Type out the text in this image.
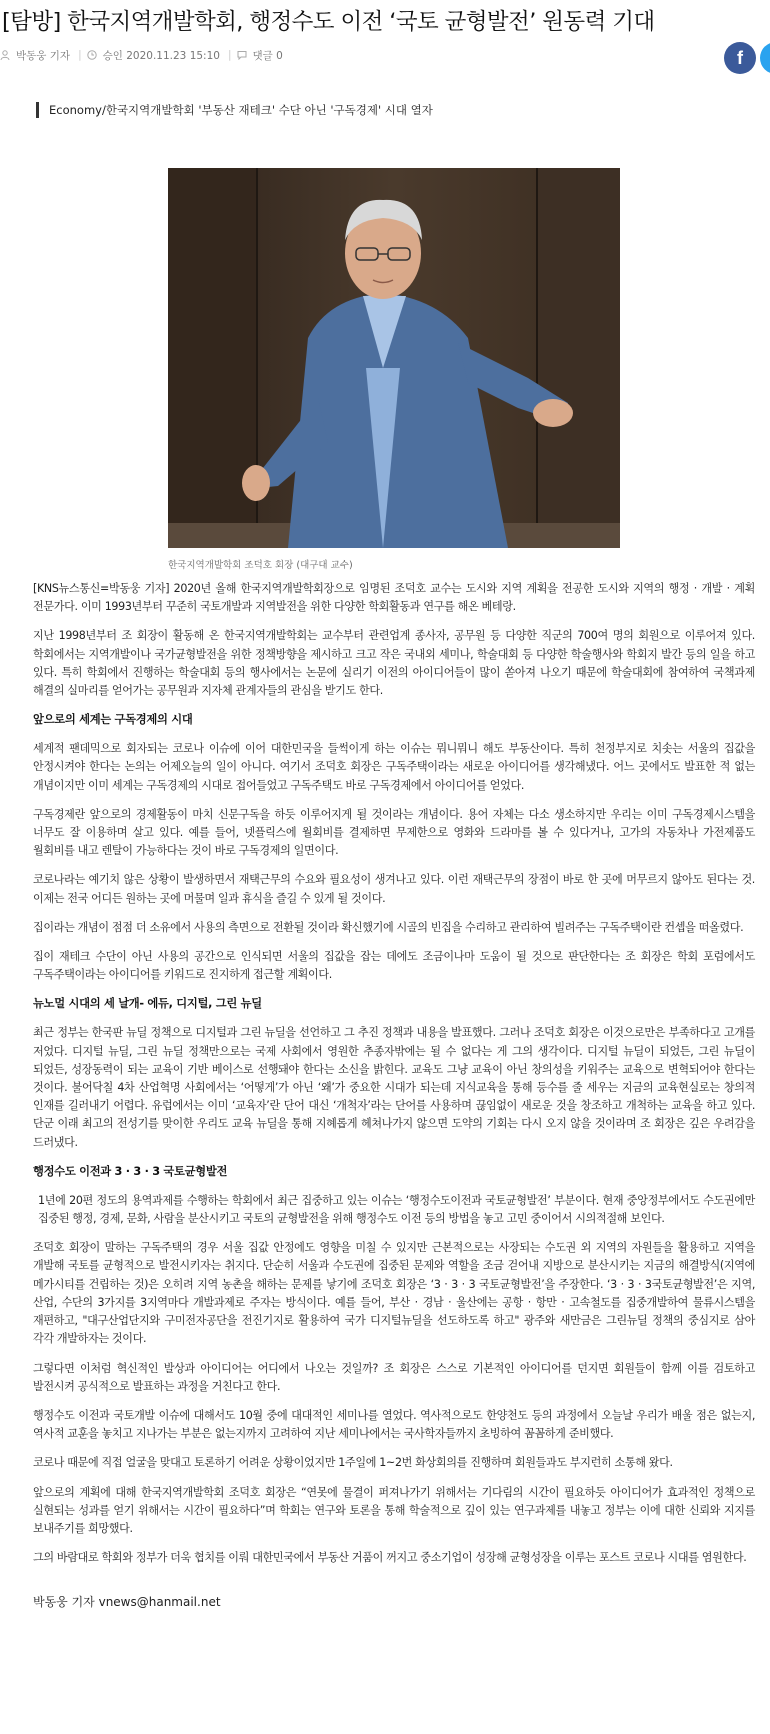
[탐방] 한국지역개발학회, 행정수도 이전 ‘국토 균형발전’ 원동력 기대
박동웅 기자 | 승인 2020.11.23 15:10 | 댓글 0	f
Economy/한국지역개발학회 '부동산 재테크' 수단 아닌 '구독경제' 시대 열자
한국지역개발학회 조덕호 회장 (대구대 교수)

[KNS뉴스통신=박동웅 기자] 2020년 올해 한국지역개발학회장으로 임명된 조덕호 교수는 도시와 지역 계획을 전공한 도시와 지역의 행정 · 개발 · 계획 전문가다. 이미 1993년부터 꾸준히 국토개발과 지역발전을 위한 다양한 학회활동과 연구를 해온 베테랑.

지난 1998년부터 조 회장이 활동해 온 한국지역개발학회는 교수부터 관련업계 종사자, 공무원 등 다양한 직군의 700여 명의 회원으로 이루어져 있다. 학회에서는 지역개발이나 국가균형발전을 위한 정책방향을 제시하고 크고 작은 국내외 세미나, 학술대회 등 다양한 학술행사와 학회지 발간 등의 일을 하고 있다. 특히 학회에서 진행하는 학술대회 등의 행사에서는 논문에 실리기 이전의 아이디어들이 많이 쏟아져 나오기 때문에 학술대회에 참여하여 국책과제 해결의 실마리를 얻어가는 공무원과 지자체 관계자들의 관심을 받기도 한다.

앞으로의 세계는 구독경제의 시대

세계적 팬데믹으로 회자되는 코로나 이슈에 이어 대한민국을 들썩이게 하는 이슈는 뭐니뭐니 해도 부동산이다. 특히 천정부지로 치솟는 서울의 집값을 안정시켜야 한다는 논의는 어제오늘의 일이 아니다. 여기서 조덕호 회장은 구독주택이라는 새로운 아이디어를 생각해냈다. 어느 곳에서도 발표한 적 없는 개념이지만 이미 세계는 구독경제의 시대로 접어들었고 구독주택도 바로 구독경제에서 아이디어를 얻었다.

구독경제란 앞으로의 경제활동이 마치 신문구독을 하듯 이루어지게 될 것이라는 개념이다. 용어 자체는 다소 생소하지만 우리는 이미 구독경제시스템을 너무도 잘 이용하며 살고 있다. 예를 들어, 넷플릭스에 월회비를 결제하면 무제한으로 영화와 드라마를 볼 수 있다거나, 고가의 자동차나 가전제품도 월회비를 내고 렌탈이 가능하다는 것이 바로 구독경제의 일면이다.

코로나라는 예기치 않은 상황이 발생하면서 재택근무의 수요와 필요성이 생겨나고 있다. 이런 재택근무의 장점이 바로 한 곳에 머무르지 않아도 된다는 것. 이제는 전국 어디든 원하는 곳에 머물며 일과 휴식을 즐길 수 있게 될 것이다.

집이라는 개념이 점점 더 소유에서 사용의 측면으로 전환될 것이라 확신했기에 시골의 빈집을 수리하고 관리하여 빌려주는 구독주택이란 컨셉을 떠올렸다.

집이 재테크 수단이 아닌 사용의 공간으로 인식되면 서울의 집값을 잡는 데에도 조금이나마 도움이 될 것으로 판단한다는 조 회장은 학회 포럼에서도 구독주택이라는 아이디어를 키워드로 진지하게 접근할 계획이다.

뉴노멀 시대의 세 날개- 에듀, 디지털, 그린 뉴딜

최근 정부는 한국판 뉴딜 정책으로 디지털과 그린 뉴딜을 선언하고 그 추진 정책과 내용을 발표했다. 그러나 조덕호 회장은 이것으로만은 부족하다고 고개를 저었다. 디지털 뉴딜, 그린 뉴딜 정책만으로는 국제 사회에서 영원한 추종자밖에는 될 수 없다는 게 그의 생각이다. 디지털 뉴딜이 되었든, 그린 뉴딜이 되었든, 성장동력이 되는 교육이 기반 베이스로 선행돼야 한다는 소신을 밝힌다. 교육도 그냥 교육이 아닌 창의성을 키워주는 교육으로 변혁되어야 한다는 것이다. 불어닥칠 4차 산업혁명 사회에서는 ‘어떻게’가 아닌 ‘왜’가 중요한 시대가 되는데 지식교육을 통해 등수를 줄 세우는 지금의 교육현실로는 창의적 인재를 길러내기 어렵다. 유럽에서는 이미 ‘교육자’란 단어 대신 ‘개척자’라는 단어를 사용하며 끊임없이 새로운 것을 창조하고 개척하는 교육을 하고 있다. 단군 이래 최고의 전성기를 맞이한 우리도 교육 뉴딜을 통해 지혜롭게 헤쳐나가지 않으면 도약의 기회는 다시 오지 않을 것이라며 조 회장은 깊은 우려감을 드러냈다.

행정수도 이전과 3 · 3 · 3 국토균형발전

1년에 20편 정도의 용역과제를 수행하는 학회에서 최근 집중하고 있는 이슈는 ‘행정수도이전과 국토균형발전’ 부분이다. 현재 중앙정부에서도 수도권에만 집중된 행정, 경제, 문화, 사람을 분산시키고 국토의 균형발전을 위해 행정수도 이전 등의 방법을 놓고 고민 중이어서 시의적절해 보인다.

조덕호 회장이 말하는 구독주택의 경우 서울 집값 안정에도 영향을 미칠 수 있지만 근본적으로는 사장되는 수도권 외 지역의 자원들을 활용하고 지역을 개발해 국토를 균형적으로 발전시키자는 취지다. 단순히 서울과 수도권에 집중된 문제와 역할을 조금 걷어내 지방으로 분산시키는 지금의 해결방식(지역에 메가시티를 건립하는 것)은 오히려 지역 농촌을 해하는 문제를 낳기에 조덕호 회장은 ‘3 · 3 · 3 국토균형발전’을 주장한다. ‘3 · 3 · 3국토균형발전’은 지역, 산업, 수단의 3가지를 3지역마다 개발과제로 주자는 방식이다. 예를 들어, 부산 · 경남 · 울산에는 공항 · 항만 · 고속철도를 집중개발하여 물류시스템을 재편하고, "대구산업단지와 구미전자공단을 전진기지로 활용하여 국가 디지털뉴딜을 선도하도록 하고" 광주와 새만금은 그린뉴딜 정책의 중심지로 삼아 각각 개발하자는 것이다.

그렇다면 이처럼 혁신적인 발상과 아이디어는 어디에서 나오는 것일까? 조 회장은 스스로 기본적인 아이디어를 던지면 회원들이 함께 이를 검토하고 발전시켜 공식적으로 발표하는 과정을 거친다고 한다.

행정수도 이전과 국토개발 이슈에 대해서도 10월 중에 대대적인 세미나를 열었다. 역사적으로도 한양천도 등의 과정에서 오늘날 우리가 배울 점은 없는지, 역사적 교훈을 놓치고 지나가는 부분은 없는지까지 고려하여 지난 세미나에서는 국사학자들까지 초빙하여 꼼꼼하게 준비했다.

코로나 때문에 직접 얼굴을 맞대고 토론하기 어려운 상황이었지만 1주일에 1~2번 화상회의를 진행하며 회원들과도 부지런히 소통해 왔다.

앞으로의 계획에 대해 한국지역개발학회 조덕호 회장은 “연못에 물결이 퍼져나가기 위해서는 기다림의 시간이 필요하듯 아이디어가 효과적인 정책으로 실현되는 성과를 얻기 위해서는 시간이 필요하다”며 학회는 연구와 토론을 통해 학술적으로 깊이 있는 연구과제를 내놓고 정부는 이에 대한 신뢰와 지지를 보내주기를 희망했다.

그의 바람대로 학회와 정부가 더욱 협치를 이뤄 대한민국에서 부동산 거품이 꺼지고 중소기업이 성장해 균형성장을 이루는 포스트 코로나 시대를 염원한다.

박동웅 기자 vnews@hanmail.net
